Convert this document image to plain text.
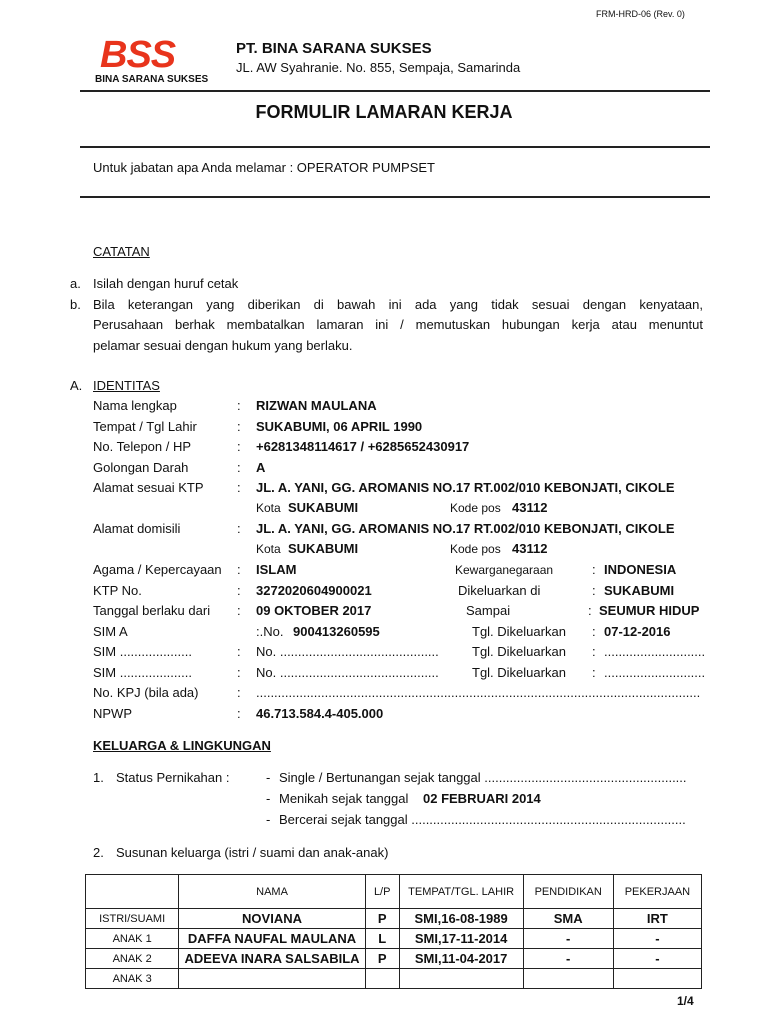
FRM-HRD-06 (Rev. 0)
BSS
BINA SARANA SUKSES
PT. BINA SARANA SUKSES
JL. AW Syahranie. No. 855, Sempaja, Samarinda
FORMULIR LAMARAN KERJA
Untuk jabatan apa Anda melamar : OPERATOR PUMPSET
CATATAN
a. Isilah dengan huruf cetak
b. Bila keterangan yang diberikan di bawah ini ada yang tidak sesuai dengan kenyataan,
Perusahaan berhak membatalkan lamaran ini / memutuskan hubungan kerja atau menuntut
pelamar sesuai dengan hukum yang berlaku.
A. IDENTITAS
Nama lengkap	: RIZWAN MAULANA
Tempat / Tgl Lahir	: SUKABUMI, 06 APRIL 1990
No. Telepon / HP	: +6281348114617 / +6285652430917
Golongan Darah	: A
Alamat sesuai KTP	: JL. A. YANI, GG. AROMANIS NO.17 RT.002/010 KEBONJATI, CIKOLE
Kota SUKABUMI	Kode pos 43112
Alamat domisili	: JL. A. YANI, GG. AROMANIS NO.17 RT.002/010 KEBONJATI, CIKOLE
Kota SUKABUMI	Kode pos 43112
Agama / Kepercayaan : ISLAM	Kewarganegaraan	: INDONESIA
KTP No.	: 3272020604900021	Dikeluarkan di	: SUKABUMI
Tanggal berlaku dari : 09 OKTOBER 2017	Sampai	: SEUMUR HIDUP
SIM A	:.No. 900413260595	Tgl. Dikeluarkan : 07-12-2016
SIM ....................	: No. ............................................	Tgl. Dikeluarkan : ............................
SIM ....................	: No. ............................................	Tgl. Dikeluarkan : ............................
No. KPJ (bila ada)	: ...........................................................................................................................
NPWP	: 46.713.584.4-405.000
KELUARGA & LINGKUNGAN
1. Status Pernikahan :	- Single / Bertunangan sejak tanggal ........................................................
- Menikah sejak tanggal 02 FEBRUARI 2014
- Bercerai sejak tanggal ............................................................................
2. Susunan keluarga (istri / suami dan anak-anak)
	NAMA	L/P	TEMPAT/TGL. LAHIR	PENDIDIKAN	PEKERJAAN
ISTRI/SUAMI	NOVIANA	P	SMI,16-08-1989	SMA	IRT
ANAK 1	DAFFA NAUFAL MAULANA	L	SMI,17-11-2014	-	-
ANAK 2	ADEEVA INARA SALSABILA	P	SMI,11-04-2017	-	-
ANAK 3					
1/4
